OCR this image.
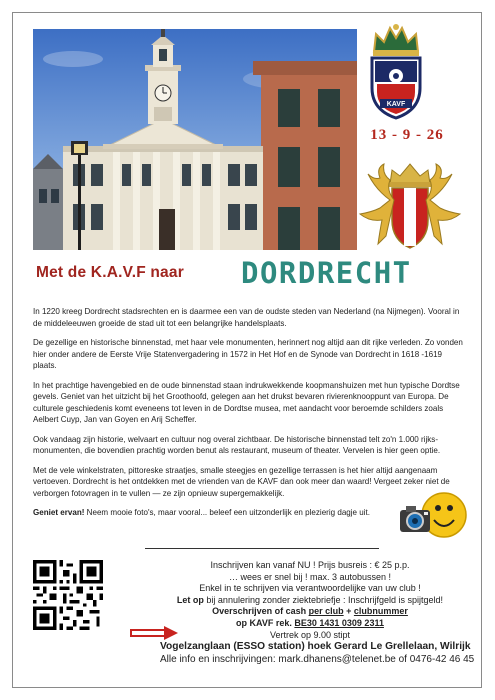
KAVF
13 - 9 - 26
Met de K.A.V.F naar DORDRECHT

In 1220 kreeg Dordrecht stadsrechten en is daarmee een van de oudste steden van Nederland (na Nijmegen). Vooral in de middeleeuwen groeide de stad uit tot een belangrijke handelsplaats.

De gezellige en historische binnenstad, met haar vele monumenten, herinnert nog altijd aan dit rijke verleden. Zo vonden hier onder andere de Eerste Vrije Statenvergadering in 1572 in Het Hof en de Synode van Dordrecht in 1618 -1619 plaats.

In het prachtige havengebied en de oude binnenstad staan indrukwekkende koopmanshuizen met hun typische Dordtse gevels. Geniet van het uitzicht bij het Groothoofd, gelegen aan het drukst bevaren rivierenknooppunt van Europa. De culturele geschiedenis komt eveneens tot leven in de Dordtse musea, met aandacht voor beroemde schilders zoals Aelbert Cuyp, Jan van Goyen en Arij Scheffer.

Ook vandaag zijn historie, welvaart en cultuur nog overal zichtbaar. De historische binnenstad telt zo'n 1.000 rijks-monumenten, die bovendien prachtig worden benut als restaurant, museum of theater. Vervelen is hier geen optie.

Met de vele winkelstraten, pittoreske straatjes, smalle steegjes en gezellige terrassen is het hier altijd aangenaam vertoeven. Dordrecht is het ontdekken met de vrienden van de KAVF dan ook meer dan waard! Vergeet zeker niet de verborgen fotovragen in te vullen — ze zijn opnieuw supergemakkelijk.

Geniet ervan! Neem mooie foto's, maar vooral... beleef een uitzonderlijk en plezierig dagje uit.

Inschrijven kan vanaf NU ! Prijs busreis : € 25 p.p.
… wees er snel bij ! max. 3 autobussen !
Enkel in te schrijven via verantwoordelijke van uw club !
Let op bij annulering zonder ziektebriefje : Inschrijfgeld is spijtgeld!
Overschrijven of cash per club + clubnummer
op KAVF rek. BE30 1431 0309 2311
Vertrek op 9.00 stipt
Vogelzanglaan (ESSO station) hoek Gerard Le Grellelaan, Wilrijk
Alle info en inschrijvingen: mark.dhanens@telenet.be of 0476-42 46 45
